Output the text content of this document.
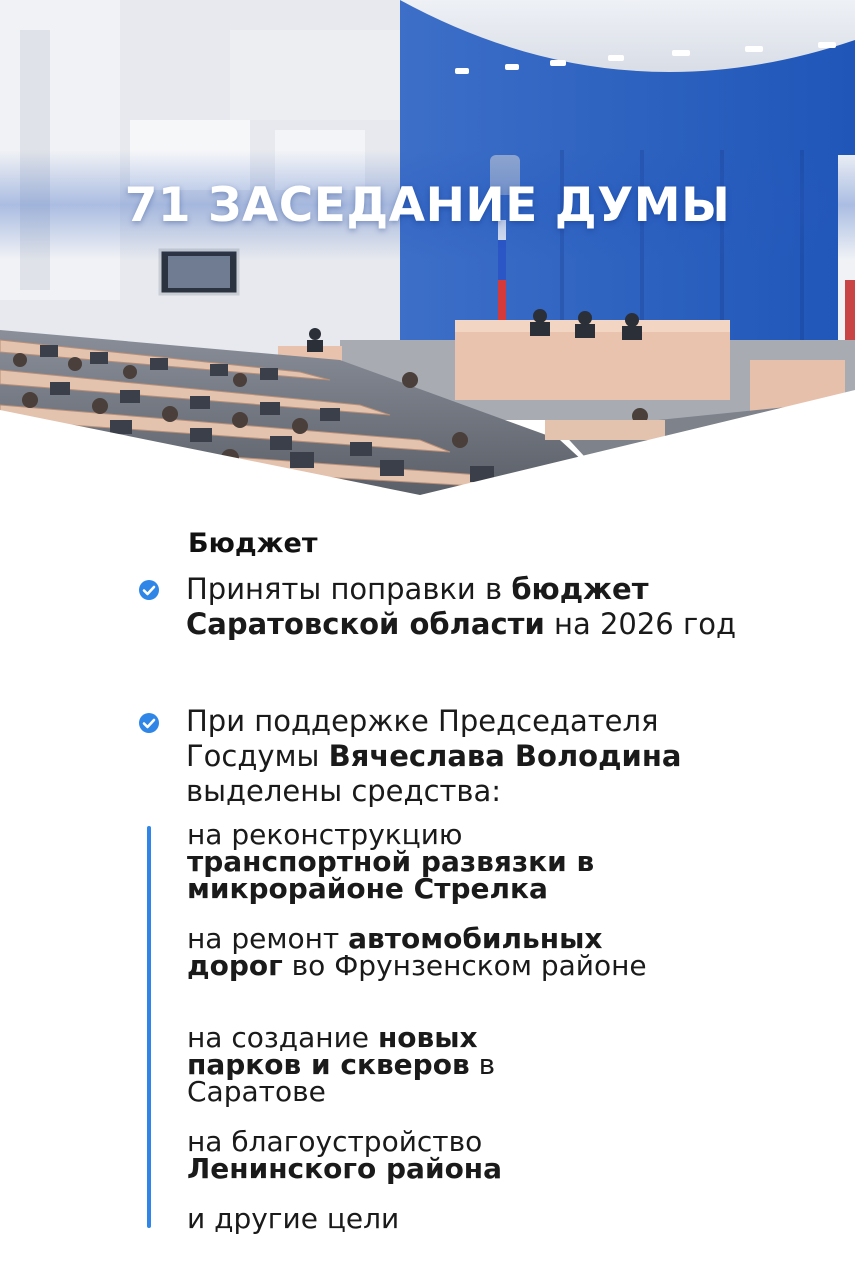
71 ЗАСЕДАНИЕ ДУМЫ
Бюджет
Приняты поправки в бюджет Саратовской области на 2026 год
При поддержке Председателя Госдумы Вячеслава Володина выделены средства:
на реконструкцию
транспортной развязки в микрорайоне Стрелка
на ремонт автомобильных дорог во Фрунзенском районе
на создание новых парков и скверов в Саратове
на благоустройство Ленинского района
и другие цели
